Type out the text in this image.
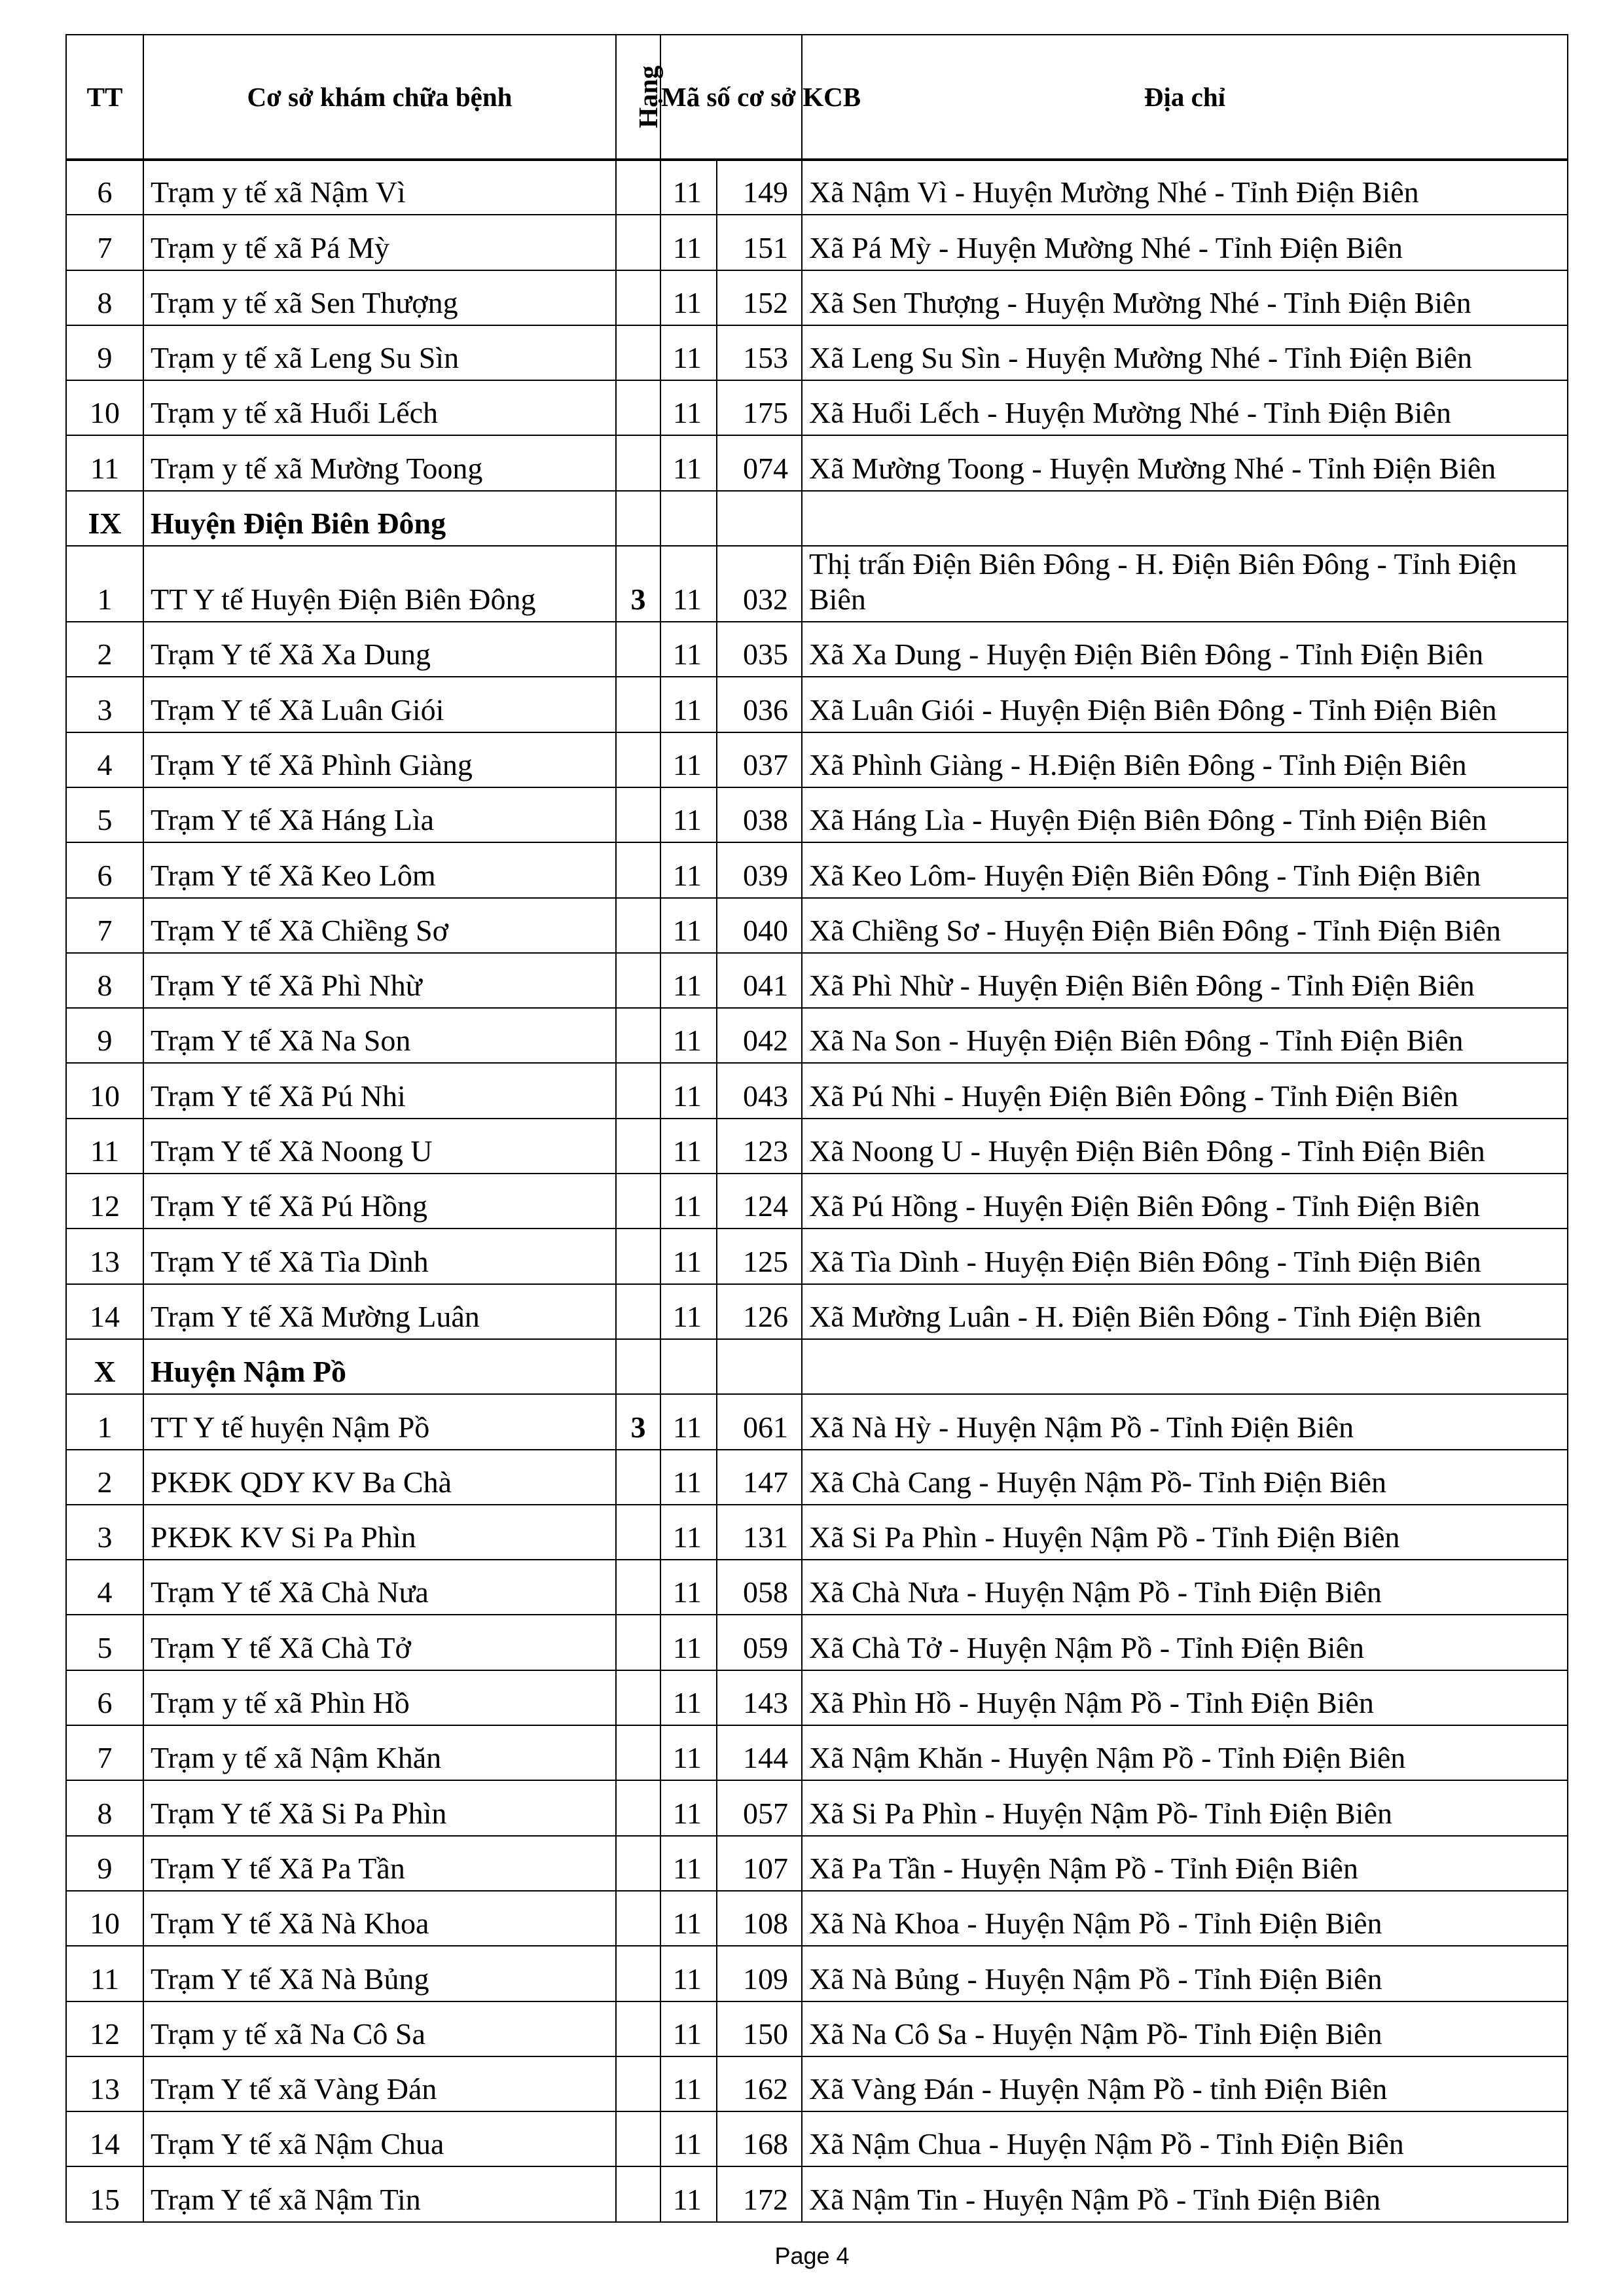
TT	Cơ sở khám chữa bệnh	Hạng	Mã số cơ sở KCB		Địa chỉ
6	Trạm y tế xã Nậm Vì		11	149	Xã Nậm Vì - Huyện Mường Nhé - Tỉnh Điện Biên
7	Trạm y tế xã Pá Mỳ		11	151	Xã Pá Mỳ - Huyện Mường Nhé - Tỉnh Điện Biên
8	Trạm y tế xã Sen Thượng		11	152	Xã Sen Thượng - Huyện Mường Nhé - Tỉnh Điện Biên
9	Trạm y tế xã Leng Su Sìn		11	153	Xã Leng Su Sìn - Huyện Mường Nhé - Tỉnh Điện Biên
10	Trạm y tế xã Huổi Lếch		11	175	Xã Huổi Lếch - Huyện Mường Nhé - Tỉnh Điện Biên
11	Trạm y tế xã Mường Toong		11	074	Xã Mường Toong - Huyện Mường Nhé - Tỉnh Điện Biên
IX	Huyện Điện Biên Đông				
1	TT Y tế Huyện Điện Biên Đông	3	11	032	Thị trấn Điện Biên Đông - H. Điện Biên Đông - Tỉnh Điện Biên
2	Trạm Y tế Xã Xa Dung		11	035	Xã Xa Dung - Huyện Điện Biên Đông - Tỉnh Điện Biên
3	Trạm Y tế Xã Luân Giói		11	036	Xã Luân Giói - Huyện Điện Biên Đông - Tỉnh Điện Biên
4	Trạm Y tế Xã Phình Giàng		11	037	Xã Phình Giàng - H.Điện Biên Đông - Tỉnh Điện Biên
5	Trạm Y tế Xã Háng Lìa		11	038	Xã Háng Lìa - Huyện Điện Biên Đông - Tỉnh Điện Biên
6	Trạm Y tế Xã Keo Lôm		11	039	Xã Keo Lôm- Huyện Điện Biên Đông - Tỉnh Điện Biên
7	Trạm Y tế Xã Chiềng Sơ		11	040	Xã Chiềng Sơ - Huyện Điện Biên Đông - Tỉnh Điện Biên
8	Trạm Y tế Xã Phì Nhừ		11	041	Xã Phì Nhừ - Huyện Điện Biên Đông - Tỉnh Điện Biên
9	Trạm Y tế Xã Na Son		11	042	Xã Na Son - Huyện Điện Biên Đông - Tỉnh Điện Biên
10	Trạm Y tế Xã Pú Nhi		11	043	Xã Pú Nhi - Huyện Điện Biên Đông - Tỉnh Điện Biên
11	Trạm Y tế Xã Noong U		11	123	Xã Noong U - Huyện Điện Biên Đông - Tỉnh Điện Biên
12	Trạm Y tế Xã Pú Hồng		11	124	Xã Pú Hồng - Huyện Điện Biên Đông - Tỉnh Điện Biên
13	Trạm Y tế Xã Tìa Dình		11	125	Xã Tìa Dình - Huyện Điện Biên Đông - Tỉnh Điện Biên
14	Trạm Y tế Xã Mường Luân		11	126	Xã Mường Luân - H. Điện Biên Đông - Tỉnh Điện Biên
X	Huyện Nậm Pồ				
1	TT Y tế huyện Nậm Pồ	3	11	061	Xã Nà Hỳ - Huyện Nậm Pồ - Tỉnh Điện Biên
2	PKĐK QDY KV Ba Chà		11	147	Xã Chà Cang - Huyện Nậm Pồ- Tỉnh Điện Biên
3	PKĐK KV Si Pa Phìn		11	131	Xã Si Pa Phìn - Huyện Nậm Pồ - Tỉnh Điện Biên
4	Trạm Y tế Xã Chà Nưa		11	058	Xã Chà Nưa - Huyện Nậm Pồ - Tỉnh Điện Biên
5	Trạm Y tế Xã Chà Tở		11	059	Xã Chà Tở - Huyện Nậm Pồ - Tỉnh Điện Biên
6	Trạm y tế xã Phìn Hồ		11	143	Xã Phìn Hồ - Huyện Nậm Pồ - Tỉnh Điện Biên
7	Trạm y tế xã Nậm Khăn		11	144	Xã Nậm Khăn - Huyện Nậm Pồ - Tỉnh Điện Biên
8	Trạm Y tế Xã Si Pa Phìn		11	057	Xã Si Pa Phìn - Huyện Nậm Pồ- Tỉnh Điện Biên
9	Trạm Y tế Xã Pa Tần		11	107	Xã Pa Tần - Huyện Nậm Pồ - Tỉnh Điện Biên
10	Trạm Y tế Xã Nà Khoa		11	108	Xã Nà Khoa - Huyện Nậm Pồ - Tỉnh Điện Biên
11	Trạm Y tế Xã Nà Bủng		11	109	Xã Nà Bủng - Huyện Nậm Pồ - Tỉnh Điện Biên
12	Trạm y tế xã Na Cô Sa		11	150	Xã Na Cô Sa - Huyện Nậm Pồ- Tỉnh Điện Biên
13	Trạm Y tế xã Vàng Đán		11	162	Xã Vàng Đán - Huyện Nậm Pồ - tỉnh Điện Biên
14	Trạm Y tế xã Nậm Chua		11	168	Xã Nậm Chua - Huyện Nậm Pồ - Tỉnh Điện Biên
15	Trạm Y tế xã Nậm Tin		11	172	Xã Nậm Tin - Huyện Nậm Pồ - Tỉnh Điện Biên
Page 4
